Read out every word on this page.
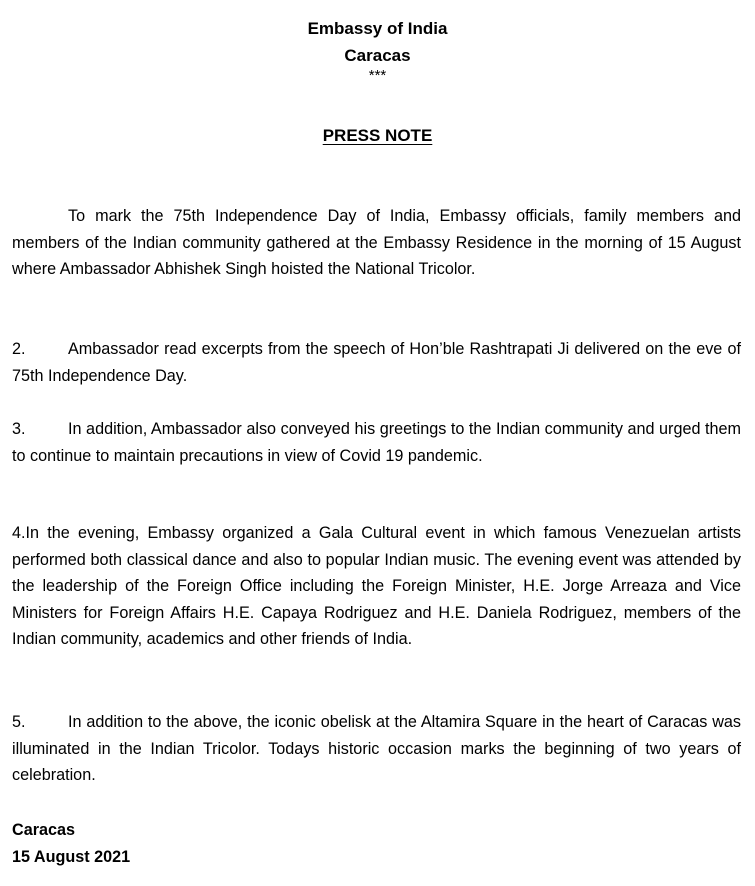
Embassy of India
Caracas
***
PRESS NOTE

To mark the 75th Independence Day of India, Embassy officials, family members and members of the Indian community gathered at the Embassy Residence in the morning of 15 August where Ambassador Abhishek Singh hoisted the National Tricolor.

2.	Ambassador read excerpts from the speech of Hon’ble Rashtrapati Ji delivered on the eve of 75th Independence Day.

3.	In addition, Ambassador also conveyed his greetings to the Indian community and urged them to continue to maintain precautions in view of Covid 19 pandemic.

4.In the evening, Embassy organized a Gala Cultural event in which famous Venezuelan artists performed both classical dance and also to popular Indian music. The evening event was attended by the leadership of the Foreign Office including the Foreign Minister, H.E. Jorge Arreaza and Vice Ministers for Foreign Affairs H.E. Capaya Rodriguez and H.E. Daniela Rodriguez, members of the Indian community, academics and other friends of India.

5.	In addition to the above, the iconic obelisk at the Altamira Square in the heart of Caracas was illuminated in the Indian Tricolor. Todays historic occasion marks the beginning of two years of celebration.

Caracas
15 August 2021
